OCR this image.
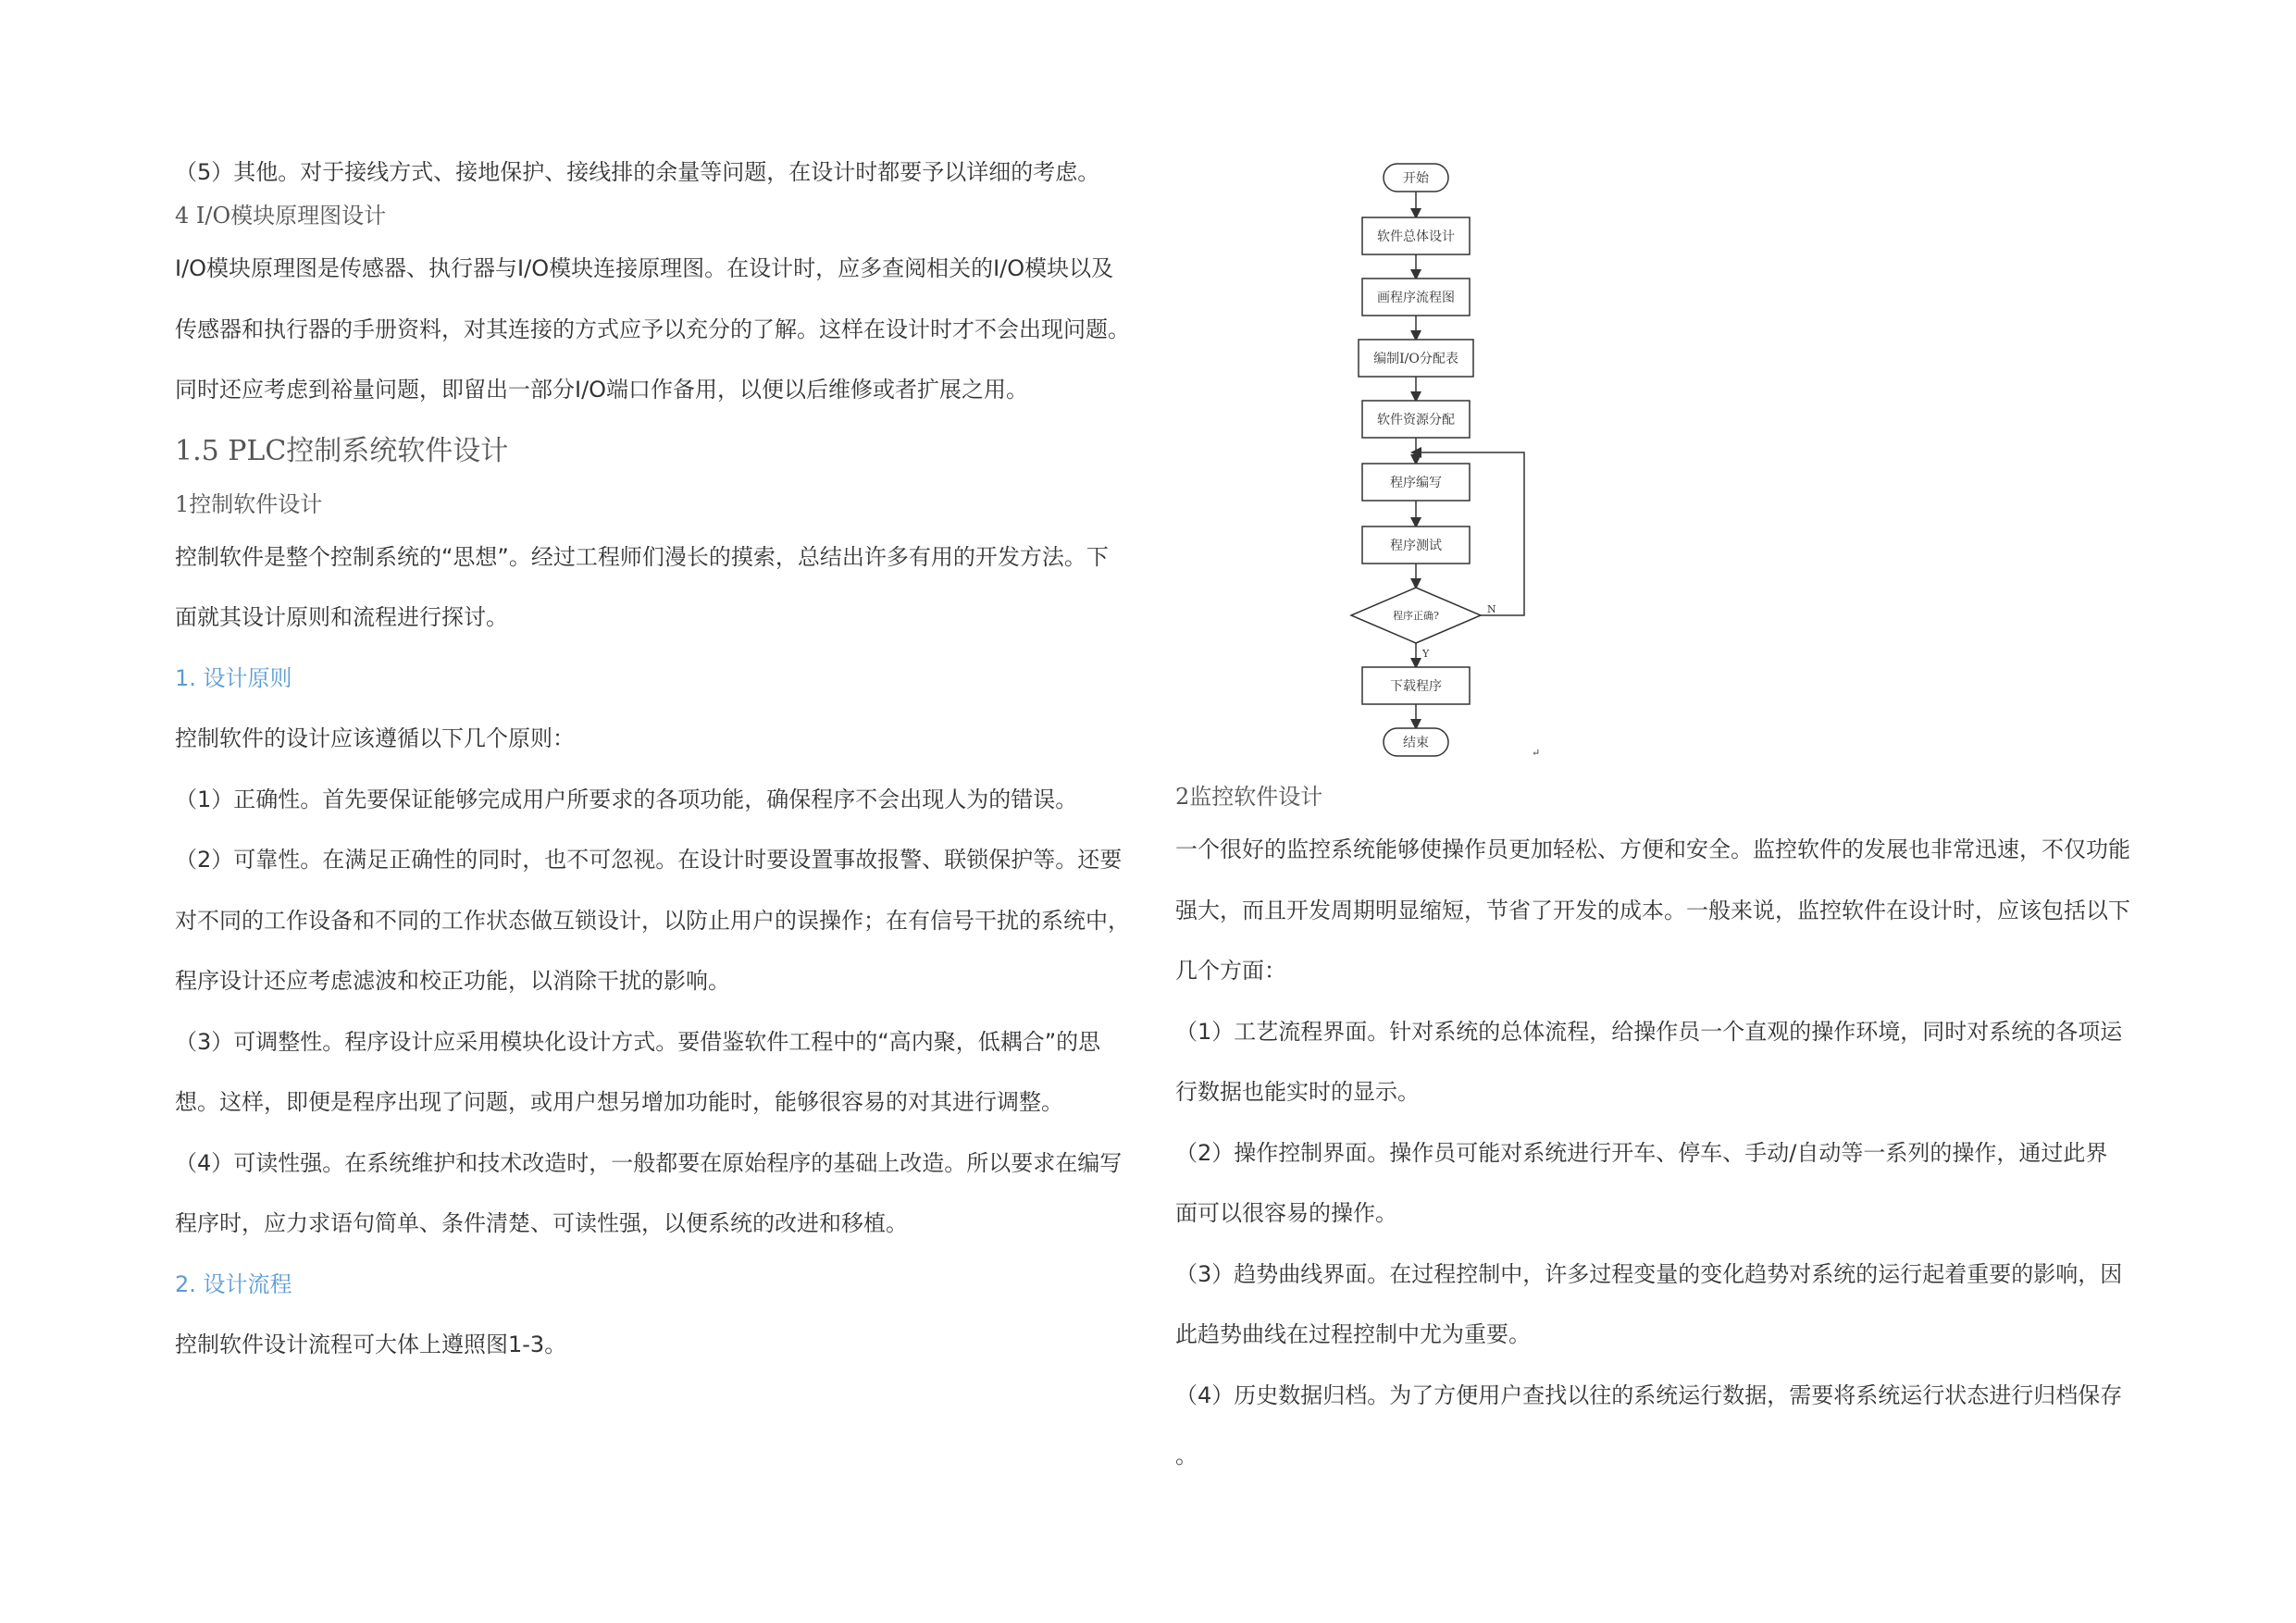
（5）其他。对于接线方式、接地保护、接线排的余量等问题，在设计时都要予以详细的考虑。

4 I/O模块原理图设计

I/O模块原理图是传感器、执行器与I/O模块连接原理图。在设计时，应多查阅相关的I/O模块以及

传感器和执行器的手册资料，对其连接的方式应予以充分的了解。这样在设计时才不会出现问题。

同时还应考虑到裕量问题，即留出一部分I/O端口作备用，以便以后维修或者扩展之用。

1.5 PLC控制系统软件设计

1控制软件设计

控制软件是整个控制系统的“思想”。经过工程师们漫长的摸索，总结出许多有用的开发方法。下

面就其设计原则和流程进行探讨。

1. 设计原则

控制软件的设计应该遵循以下几个原则：

（1）正确性。首先要保证能够完成用户所要求的各项功能，确保程序不会出现人为的错误。

（2）可靠性。在满足正确性的同时，也不可忽视。在设计时要设置事故报警、联锁保护等。还要

对不同的工作设备和不同的工作状态做互锁设计，以防止用户的误操作；在有信号干扰的系统中，

程序设计还应考虑滤波和校正功能，以消除干扰的影响。

（3）可调整性。程序设计应采用模块化设计方式。要借鉴软件工程中的“高内聚，低耦合”的思

想。这样，即便是程序出现了问题，或用户想另增加功能时，能够很容易的对其进行调整。

（4）可读性强。在系统维护和技术改造时，一般都要在原始程序的基础上改造。所以要求在编写

程序时，应力求语句简单、条件清楚、可读性强，以便系统的改进和移植。

2. 设计流程

控制软件设计流程可大体上遵照图1-3。

开始
软件总体设计
画程序流程图
编制I/O分配表
软件资源分配
程序编写
程序测试
程序正确?
N
Y
下载程序
结束
↵

2监控软件设计

一个很好的监控系统能够使操作员更加轻松、方便和安全。监控软件的发展也非常迅速，不仅功能

强大，而且开发周期明显缩短，节省了开发的成本。一般来说，监控软件在设计时，应该包括以下

几个方面：

（1）工艺流程界面。针对系统的总体流程，给操作员一个直观的操作环境，同时对系统的各项运

行数据也能实时的显示。

（2）操作控制界面。操作员可能对系统进行开车、停车、手动/自动等一系列的操作，通过此界

面可以很容易的操作。

（3）趋势曲线界面。在过程控制中，许多过程变量的变化趋势对系统的运行起着重要的影响，因

此趋势曲线在过程控制中尤为重要。

（4）历史数据归档。为了方便用户查找以往的系统运行数据，需要将系统运行状态进行归档保存

。
